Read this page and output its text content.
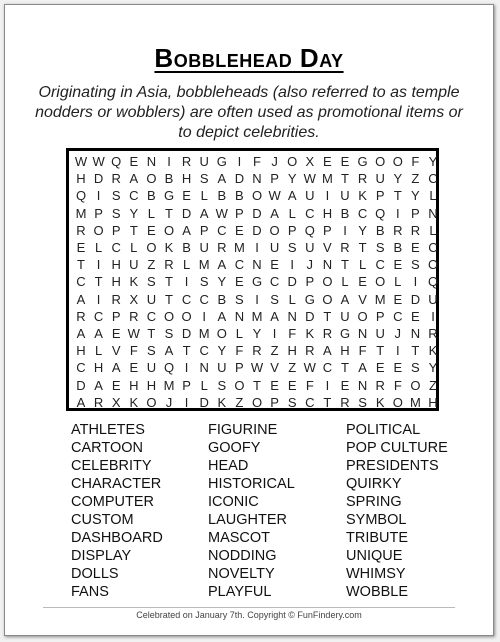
Bobblehead Day
Originating in Asia, bobbleheads (also referred to as temple nodders or wobblers) are often used as promotional items or to depict celebrities.
W W Q E N I R U G I F J O X E E G O O F Y
H D R A O B H S A D N P Y W M T R U Y Z C
Q I S C B G E L B B O W A U I U K P T Y L
M P S Y L T D A W P D A L C H B C Q I P N
R O P T E O A P C E D O P Q P I Y B R R L
E L C L O K B U R M I U S U V R T S B E C
T I H U Z R L M A C N E I J N T L C E S O
C T H K S T I S Y E G C D P O L E O L I Q
A I R X U T C C B S I S L G O A V M E D U
R C P R C O O I A N M A N D T U O P C E I
A A E W T S D M O L Y I F K R G N U J N R
H L V F S A T C Y F R Z H R A H F T I T K
C H A E U Q I N U P W V Z W C T A E E S Y
D A E H H M P L S O T E E F I E N R F O Z
A R X K O J I D K Z O P S C T R S K O M H
ATHLETES
CARTOON
CELEBRITY
CHARACTER
COMPUTER
CUSTOM
DASHBOARD
DISPLAY
DOLLS
FANS
FIGURINE
GOOFY
HEAD
HISTORICAL
ICONIC
LAUGHTER
MASCOT
NODDING
NOVELTY
PLAYFUL
POLITICAL
POP CULTURE
PRESIDENTS
QUIRKY
SPRING
SYMBOL
TRIBUTE
UNIQUE
WHIMSY
WOBBLE
Celebrated on January 7th. Copyright © FunFindery.com
